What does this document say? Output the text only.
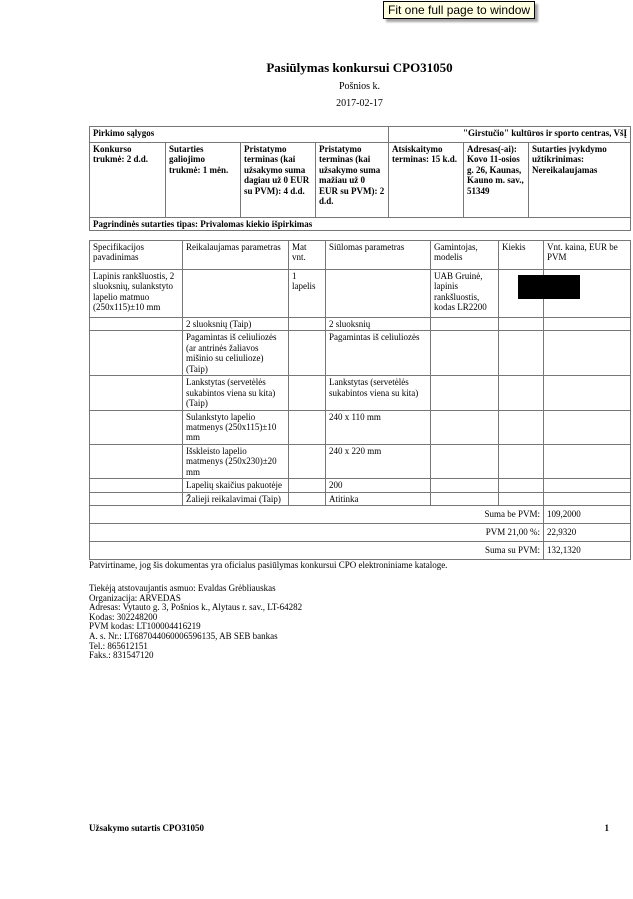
Fit one full page to window
Pasiūlymas konkursui CPO31050
Pošnios k.
2017-02-17
Pirkimo sąlygos				"Girstučio" kultūros ir sporto centras, VšĮ		
Konkurso trukmė: 2 d.d.	Sutarties galiojimo trukmė: 1 mėn.	Pristatymo terminas (kai užsakymo suma dagiau už 0 EUR su PVM): 4 d.d.	Pristatymo terminas (kai užsakymo suma mažiau už 0 EUR su PVM): 2 d.d.	Atsiskaitymo terminas: 15 k.d.	Adresas(-ai): Kovo 11-osios g. 26, Kaunas, Kauno m. sav., 51349	Sutarties įvykdymo užtikrinimas: Nereikalaujamas
Pagrindinės sutarties tipas: Privalomas kiekio išpirkimas						
Specifikacijos pavadinimas	Reikalaujamas parametras	Mat vnt.	Siūlomas parametras	Gamintojas, modelis	Kiekis	Vnt. kaina, EUR be PVM
Lapinis rankšluostis, 2 sluoksnių, sulankstyto lapelio matmuo (250x115)±10 mm		1 lapelis		UAB Gruinė, lapinis rankšluostis, kodas LR2200		
	2 sluoksnių (Taip)		2 sluoksnių			
	Pagamintas iš celiuliozės (ar antrinės žaliavos mišinio su celiulioze) (Taip)		Pagamintas iš celiuliozės			
	Lankstytas (servetėlės sukabintos viena su kita) (Taip)		Lankstytas (servetėlės sukabintos viena su kita)			
	Sulankstyto lapelio matmenys (250x115)±10 mm		240 x 110 mm			
	Išskleisto lapelio matmenys (250x230)±20 mm		240 x 220 mm			
	Lapelių skaičius pakuotėje		200			
	Žalieji reikalavimai (Taip)		Atitinka			
Suma be PVM:						109,2000
PVM 21,00 %:						22,9320
Suma su PVM:						132,1320
Patvirtiname, jog šis dokumentas yra oficialus pasiūlymas konkursui CPO elektroniniame kataloge.
Tiekėją atstovaujantis asmuo: Evaldas Grėbliauskas
Organizacija: ARVEDAS
Adresas: Vytauto g. 3, Pošnios k., Alytaus r. sav., LT-64282
Kodas: 302248200
PVM kodas: LT100004416219
A. s. Nr.: LT687044060006596135, AB SEB bankas
Tel.: 865612151
Faks.: 831547120
Užsakymo sutartis CPO31050	1
